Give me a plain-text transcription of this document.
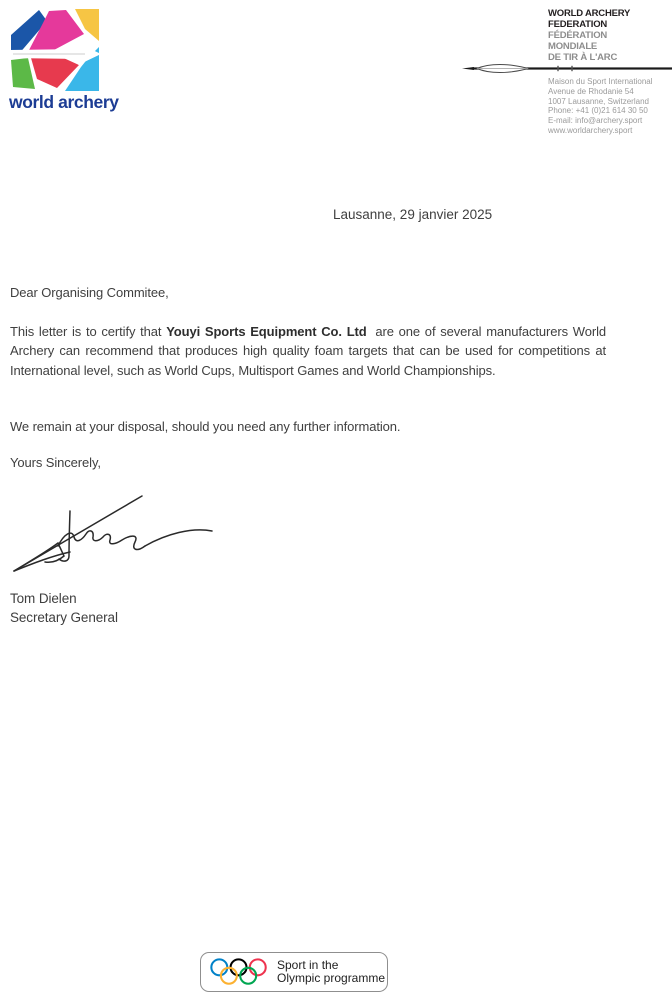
world archery
WORLD ARCHERY
FEDERATION
FÉDÉRATION
MONDIALE
DE TIR À L'ARC
Maison du Sport International
Avenue de Rhodanie 54
1007 Lausanne, Switzerland
Phone: +41 (0)21 614 30 50
E-mail: info@archery.sport
www.worldarchery.sport
Lausanne, 29 janvier 2025
Dear Organising Commitee,
This letter is to certify that Youyi Sports Equipment Co. Ltd are one of several manufacturers World Archery can recommend that produces high quality foam targets that can be used for competitions at International level, such as World Cups, Multisport Games and World Championships.
We remain at your disposal, should you need any further information.
Yours Sincerely,
Tom Dielen
Secretary General
Sport in the
Olympic programme
